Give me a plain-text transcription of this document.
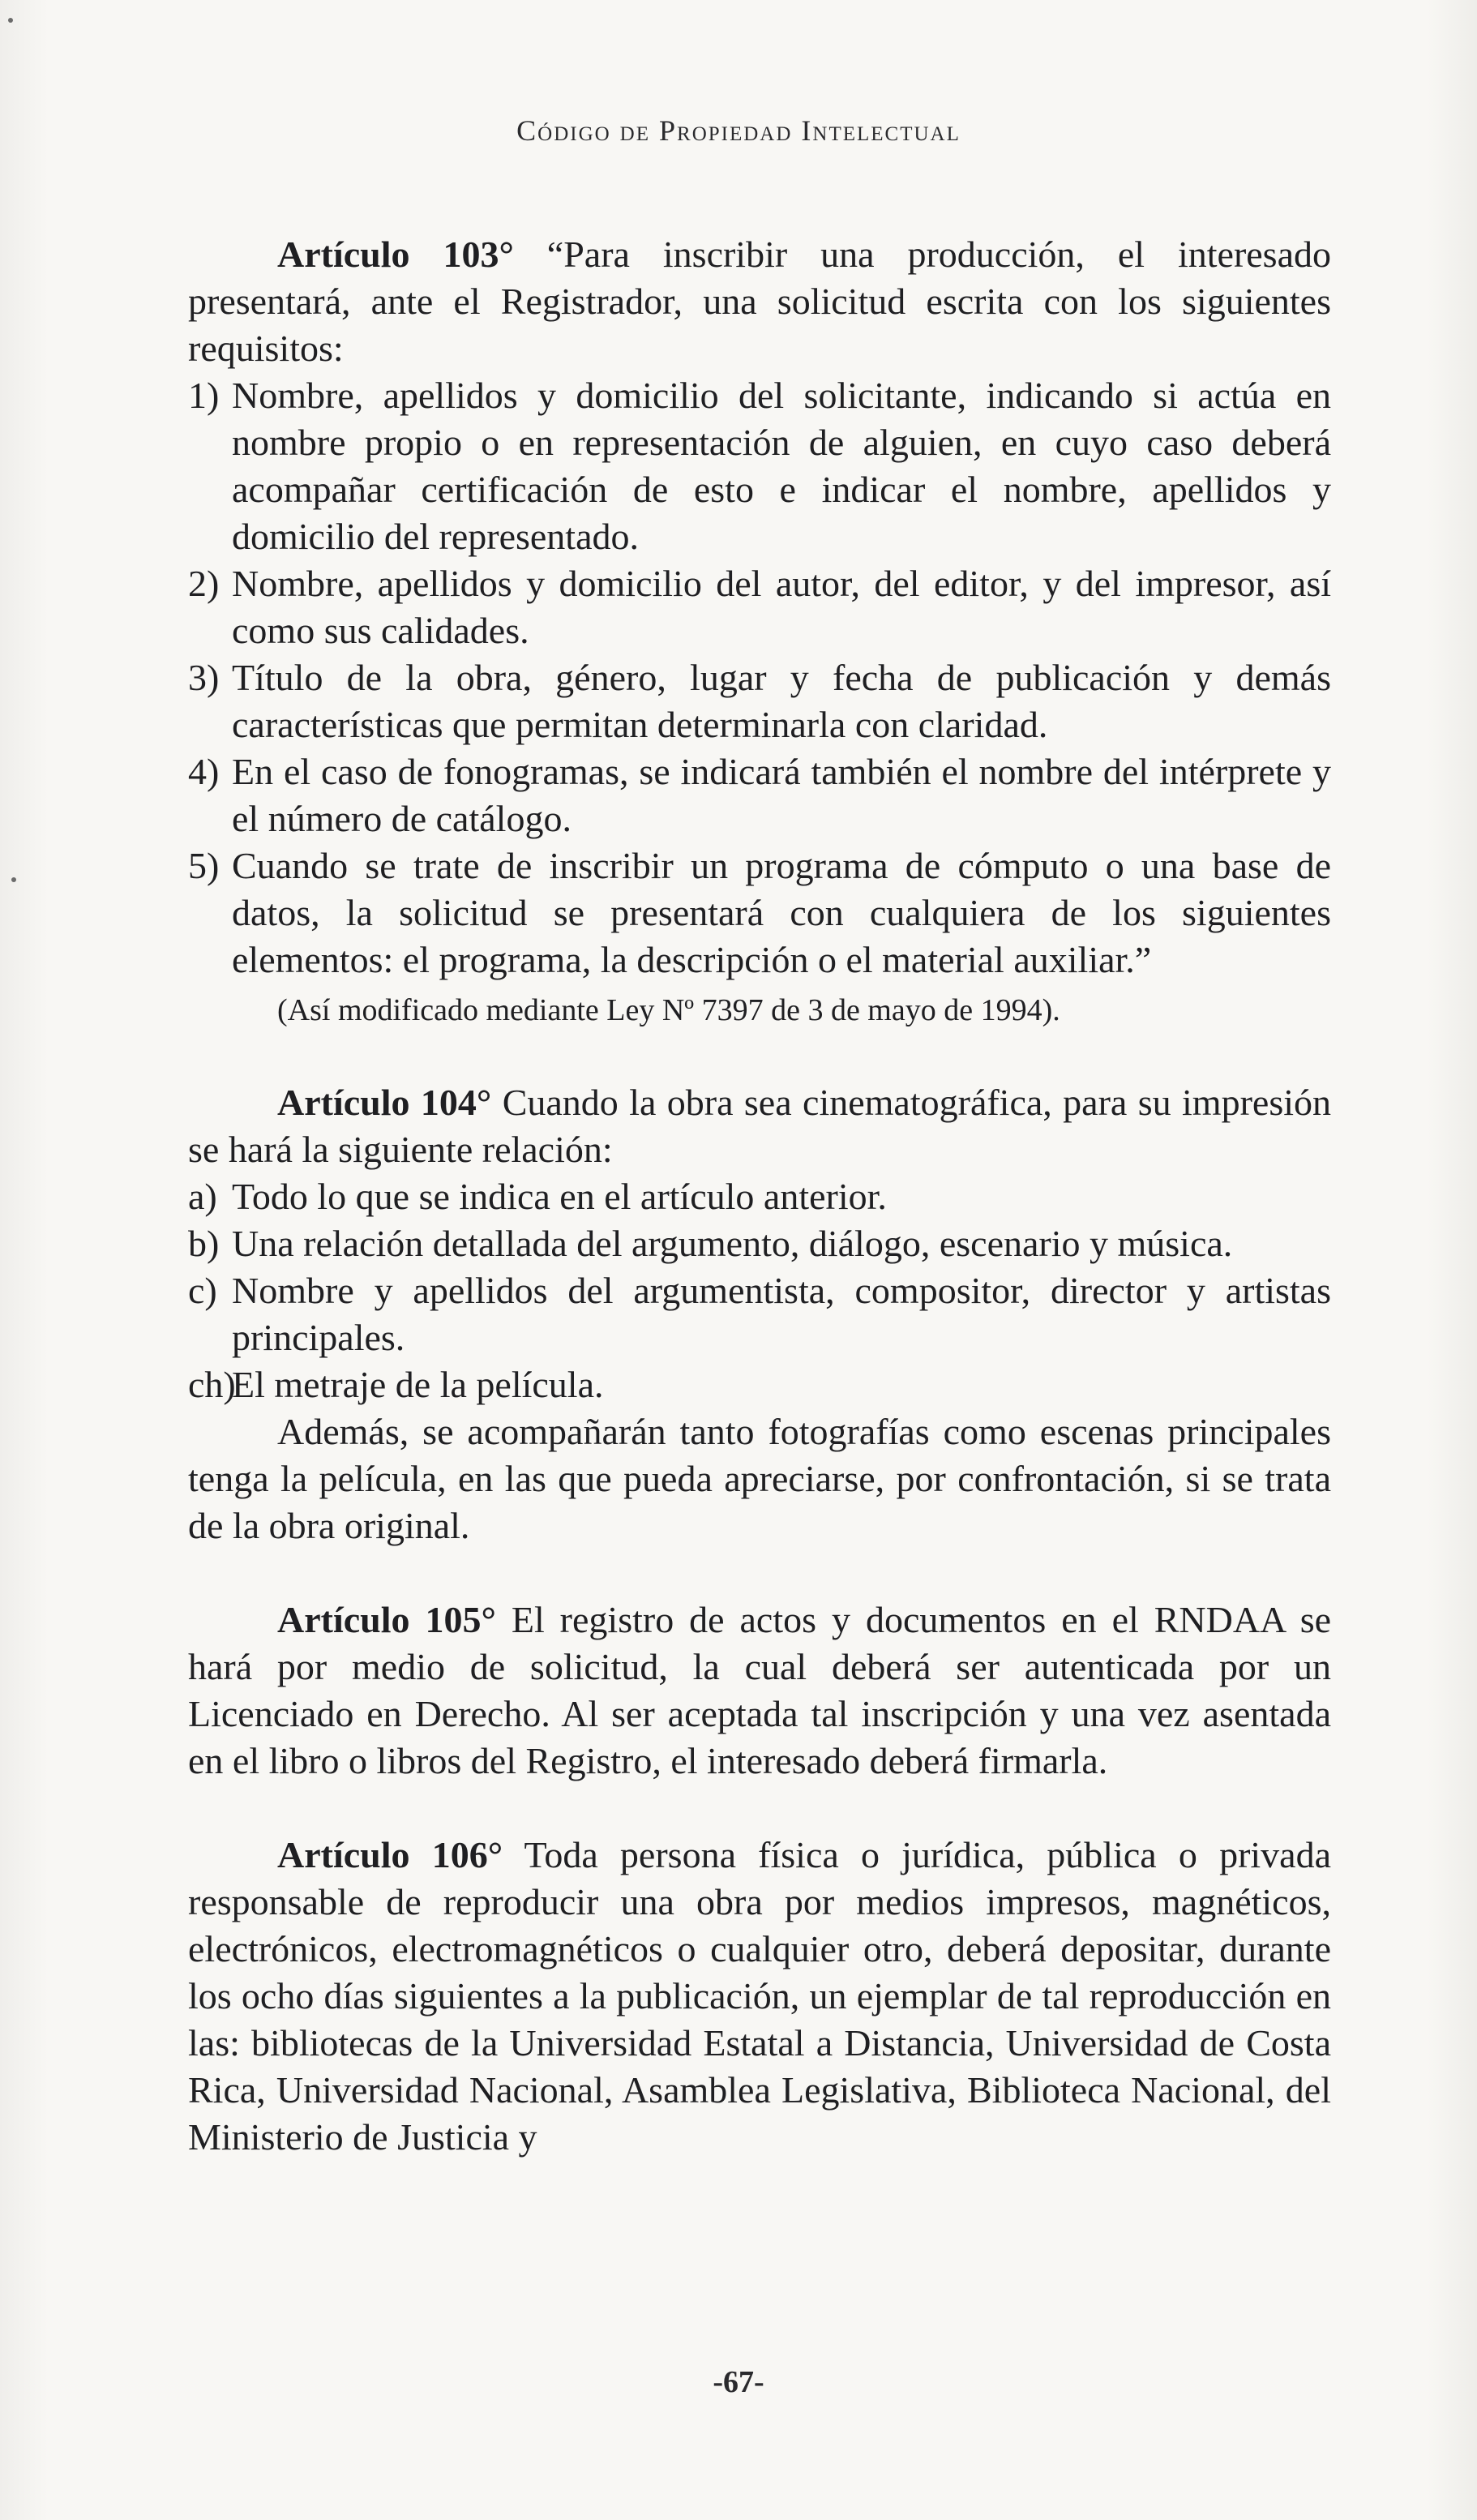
Código de Propiedad Intelectual

Artículo 103° “Para inscribir una producción, el interesado presentará, ante el Registrador, una solicitud escrita con los siguientes requisitos:

1) Nombre, apellidos y domicilio del solicitante, indicando si actúa en nombre propio o en representación de alguien, en cuyo caso deberá acompañar certificación de esto e indicar el nombre, apellidos y domicilio del representado.
2) Nombre, apellidos y domicilio del autor, del editor, y del impresor, así como sus calidades.
3) Título de la obra, género, lugar y fecha de publicación y demás características que permitan determinarla con claridad.
4) En el caso de fonogramas, se indicará también el nombre del intérprete y el número de catálogo.
5) Cuando se trate de inscribir un programa de cómputo o una base de datos, la solicitud se presentará con cualquiera de los siguientes elementos: el programa, la descripción o el material auxiliar.”
(Así modificado mediante Ley Nº 7397 de 3 de mayo de 1994).

Artículo 104° Cuando la obra sea cinematográfica, para su impresión se hará la siguiente relación:

a) Todo lo que se indica en el artículo anterior.
b) Una relación detallada del argumento, diálogo, escenario y música.
c) Nombre y apellidos del argumentista, compositor, director y artistas principales.
ch)
El metraje de la película.

Además, se acompañarán tanto fotografías como escenas principales tenga la película, en las que pueda apreciarse, por confrontación, si se trata de la obra original.

Artículo 105° El registro de actos y documentos en el RNDAA se hará por medio de solicitud, la cual deberá ser autenticada por un Licenciado en Derecho. Al ser aceptada tal inscripción y una vez asentada en el libro o libros del Registro, el interesado deberá firmarla.

Artículo 106° Toda persona física o jurídica, pública o privada responsable de reproducir una obra por medios impresos, magnéticos, electrónicos, electromagnéticos o cualquier otro, deberá depositar, durante los ocho días siguientes a la publicación, un ejemplar de tal reproducción en las: bibliotecas de la Universidad Estatal a Distancia, Universidad de Costa Rica, Universidad Nacional, Asamblea Legislativa, Biblioteca Nacional, del Ministerio de Justicia y

-67-
